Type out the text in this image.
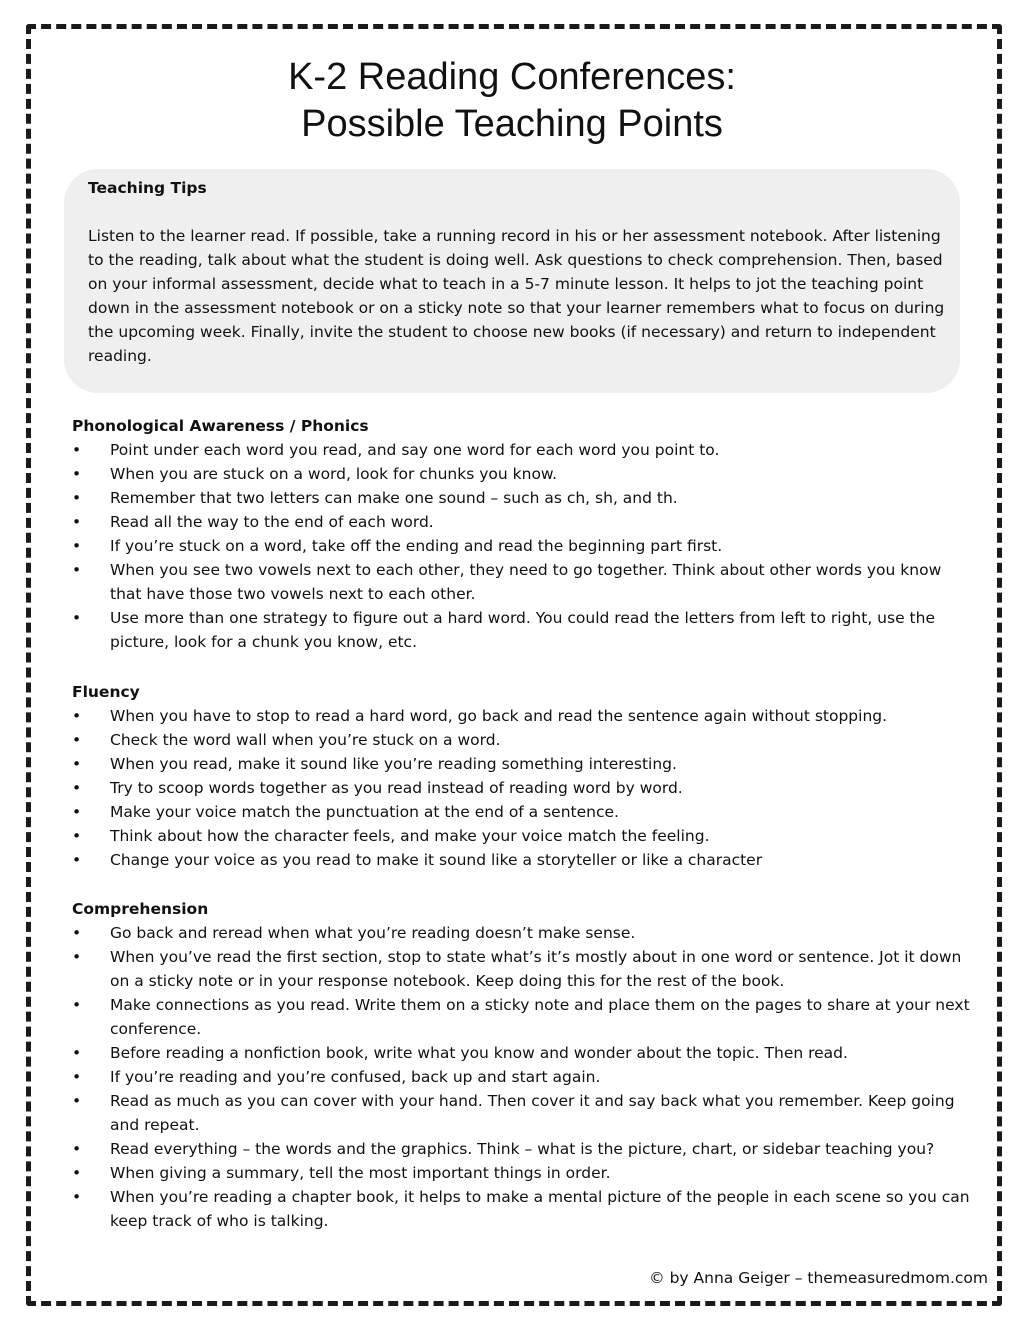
K-2 Reading Conferences:
Possible Teaching Points
Teaching Tips
Listen to the learner read. If possible, take a running record in his or her assessment notebook. After listening to the reading, talk about what the student is doing well. Ask questions to check comprehension. Then, based on your informal assessment, decide what to teach in a 5-7 minute lesson. It helps to jot the teaching point down in the assessment notebook or on a sticky note so that your learner remembers what to focus on during the upcoming week. Finally, invite the student to choose new books (if necessary) and return to independent reading.
Phonological Awareness / Phonics
•	Point under each word you read, and say one word for each word you point to.
•	When you are stuck on a word, look for chunks you know.
•	Remember that two letters can make one sound – such as ch, sh, and th.
•	Read all the way to the end of each word.
•	If you’re stuck on a word, take off the ending and read the beginning part first.
•	When you see two vowels next to each other, they need to go together. Think about other words you know that have those two vowels next to each other.
•	Use more than one strategy to figure out a hard word. You could read the letters from left to right, use the picture, look for a chunk you know, etc.
Fluency
•	When you have to stop to read a hard word, go back and read the sentence again without stopping.
•	Check the word wall when you’re stuck on a word.
•	When you read, make it sound like you’re reading something interesting.
•	Try to scoop words together as you read instead of reading word by word.
•	Make your voice match the punctuation at the end of a sentence.
•	Think about how the character feels, and make your voice match the feeling.
•	Change your voice as you read to make it sound like a storyteller or like a character
Comprehension
•	Go back and reread when what you’re reading doesn’t make sense.
•	When you’ve read the first section, stop to state what’s it’s mostly about in one word or sentence. Jot it down on a sticky note or in your response notebook. Keep doing this for the rest of the book.
•	Make connections as you read. Write them on a sticky note and place them on the pages to share at your next conference.
•	Before reading a nonfiction book, write what you know and wonder about the topic. Then read.
•	If you’re reading and you’re confused, back up and start again.
•	Read as much as you can cover with your hand. Then cover it and say back what you remember. Keep going and repeat.
•	Read everything – the words and the graphics. Think – what is the picture, chart, or sidebar teaching you?
•	When giving a summary, tell the most important things in order.
•	When you’re reading a chapter book, it helps to make a mental picture of the people in each scene so you can keep track of who is talking.
© by Anna Geiger – themeasuredmom.com
